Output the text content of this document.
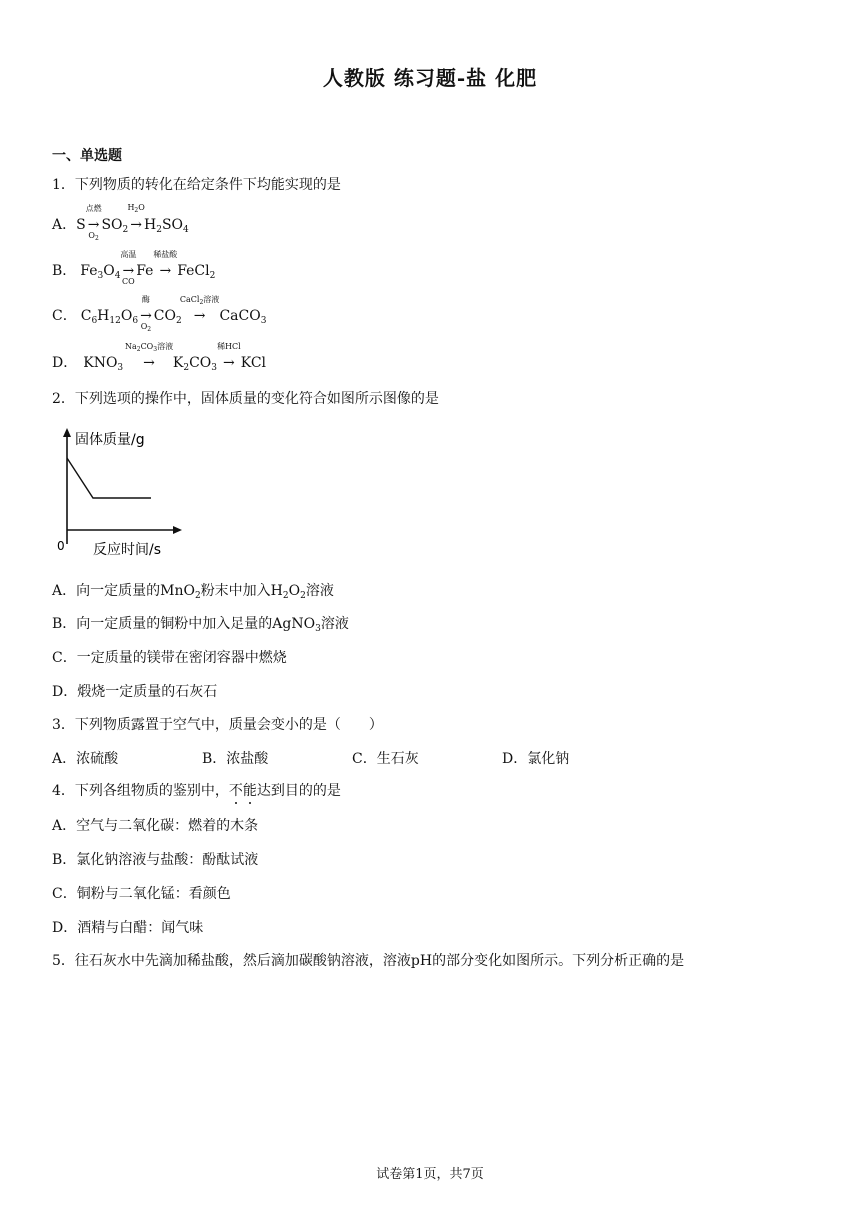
人教版 练习题-盐 化肥
一、单选题
1．下列物质的转化在给定条件下均能实现的是
A．S
点燃
→
$O_2$
$SO_2$
$H_2O$
→ $H_2SO_4$
B． $Fe_3O_4$
高温
→
CO
Fe
稀盐酸
→ FeCl$_2$
C． $C_6H_{12}O_6$
酶
→
$O_2$
$CO_2$
CaCl$_2$溶液
→ CaCO$_3$
D． $KNO_3$
$Na_2CO_3$溶液
→ $K_2CO_3$
稀HCl
→ KCl
2．下列选项的操作中，固体质量的变化符合如图所示图像的是
固体质量/g
0 反应时间/s
A．向一定质量的MnO$_2$粉末中加入$H_2O_2$溶液
B．向一定质量的铜粉中加入足量的AgNO$_3$溶液
C．一定质量的镁带在密闭容器中燃烧
D．煅烧一定质量的石灰石
3．下列物质露置于空气中，质量会变小的是（　　）
A．浓硫酸	B．浓盐酸	C．生石灰	D．氯化钠
4．下列各组物质的鉴别中，不能达到目的的是
A．空气与二氧化碳：燃着的木条
B．氯化钠溶液与盐酸：酚酞试液
C．铜粉与二氧化锰：看颜色
D．酒精与白醋：闻气味
5．往石灰水中先滴加稀盐酸，然后滴加碳酸钠溶液，溶液pH的部分变化如图所示。下列分析正确的是
试卷第1页，共7页
